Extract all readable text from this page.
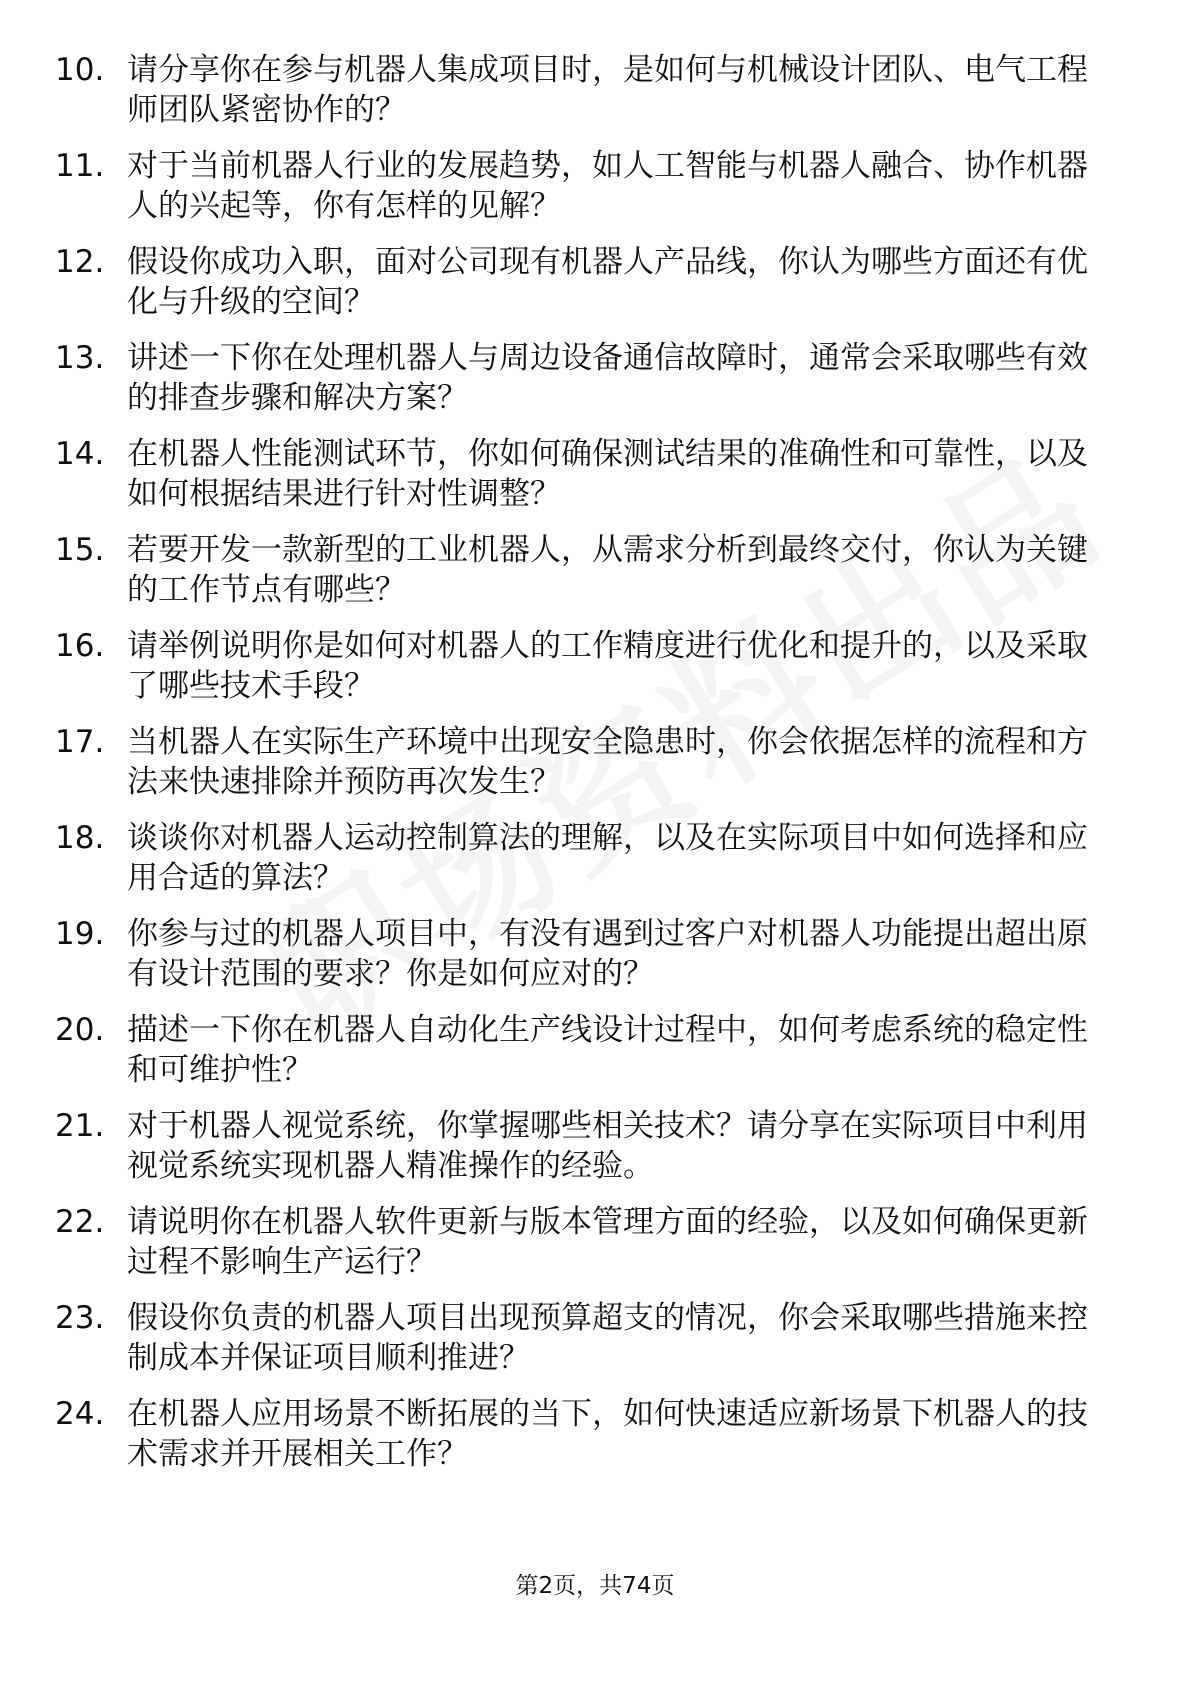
10. 请分享你在参与机器人集成项目时，是如何与机械设计团队、电气工程师团队紧密协作的？
11. 对于当前机器人行业的发展趋势，如人工智能与机器人融合、协作机器人的兴起等，你有怎样的见解？
12. 假设你成功入职，面对公司现有机器人产品线，你认为哪些方面还有优化与升级的空间？
13. 讲述一下你在处理机器人与周边设备通信故障时，通常会采取哪些有效的排查步骤和解决方案？
14. 在机器人性能测试环节，你如何确保测试结果的准确性和可靠性，以及如何根据结果进行针对性调整？
15. 若要开发一款新型的工业机器人，从需求分析到最终交付，你认为关键的工作节点有哪些？
16. 请举例说明你是如何对机器人的工作精度进行优化和提升的，以及采取了哪些技术手段？
17. 当机器人在实际生产环境中出现安全隐患时，你会依据怎样的流程和方法来快速排除并预防再次发生？
18. 谈谈你对机器人运动控制算法的理解，以及在实际项目中如何选择和应用合适的算法？
19. 你参与过的机器人项目中，有没有遇到过客户对机器人功能提出超出原有设计范围的要求？你是如何应对的？
20. 描述一下你在机器人自动化生产线设计过程中，如何考虑系统的稳定性和可维护性？
21. 对于机器人视觉系统，你掌握哪些相关技术？请分享在实际项目中利用视觉系统实现机器人精准操作的经验。
22. 请说明你在机器人软件更新与版本管理方面的经验，以及如何确保更新过程不影响生产运行？
23. 假设你负责的机器人项目出现预算超支的情况，你会采取哪些措施来控制成本并保证项目顺利推进？
24. 在机器人应用场景不断拓展的当下，如何快速适应新场景下机器人的技术需求并开展相关工作？
第2页，共74页
